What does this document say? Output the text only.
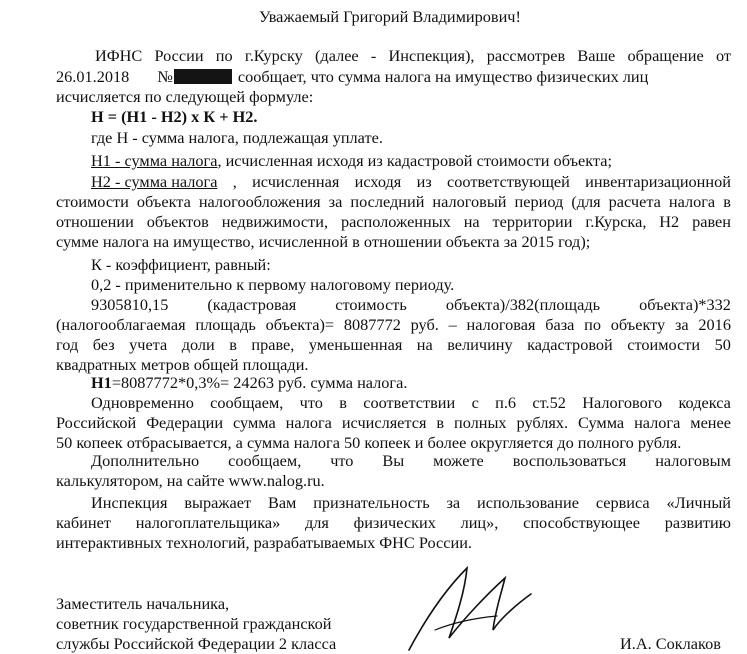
Уважаемый Григорий Владимирович!
ИФНС России по г.Курску (далее - Инспекция), рассмотрев Ваше обращение от
26.01.2018 №	сообщает, что сумма налога на имущество физических лиц
исчисляется по следующей формуле:
Н = (Н1 - Н2) х К + Н2.
где Н - сумма налога, подлежащая уплате.
Н1 - сумма налога, исчисленная исходя из кадастровой стоимости объекта;
Н2 - сумма налога , исчисленная исходя из соответствующей инвентаризационной
стоимости объекта налогообложения за последний налоговый период (для расчета налога в
отношении объектов недвижимости, расположенных на территории г.Курска, Н2 равен
сумме налога на имущество, исчисленной в отношении объекта за 2015 год);
К - коэффициент, равный:
0,2 - применительно к первому налоговому периоду.
9305810,15 (кадастровая стоимость объекта)/382(площадь объекта)*332
(налогооблагаемая площадь объекта)= 8087772 руб. – налоговая база по объекту за 2016
год без учета доли в праве, уменьшенная на величину кадастровой стоимости 50
квадратных метров общей площади.
Н1=8087772*0,3%= 24263 руб. сумма налога.
Одновременно сообщаем, что в соответствии с п.6 ст.52 Налогового кодекса
Российской Федерации сумма налога исчисляется в полных рублях. Сумма налога менее
50 копеек отбрасывается, а сумма налога 50 копеек и более округляется до полного рубля.
Дополнительно сообщаем, что Вы можете воспользоваться налоговым
калькулятором, на сайте www.nalog.ru.
Инспекция выражает Вам признательность за использование сервиса «Личный
кабинет налогоплательщика» для физических лиц», способствующее развитию
интерактивных технологий, разрабатываемых ФНС России.
Заместитель начальника,
советник государственной гражданской
службы Российской Федерации 2 класса	И.А. Соклаков
